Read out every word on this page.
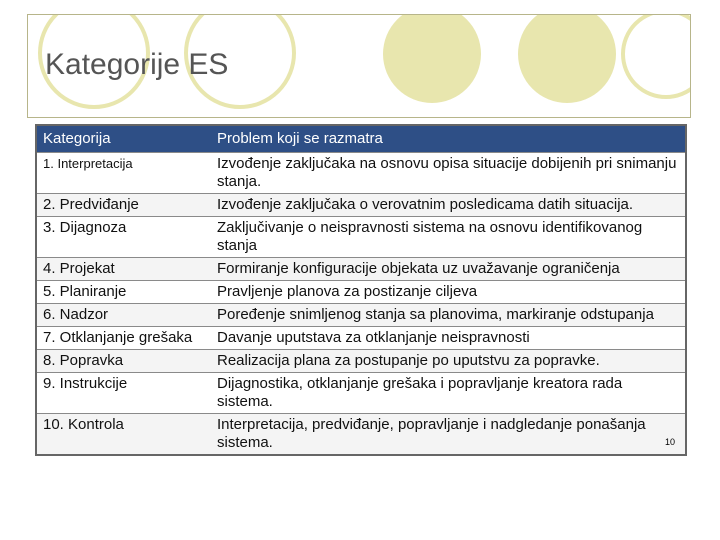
Kategorije ES
Kategorija	Problem koji se razmatra
1. Interpretacija	Izvođenje zaključaka na osnovu opisa situacije dobijenih pri snimanju stanja.
2. Predviđanje	Izvođenje zaključaka o verovatnim posledicama datih situacija.
3. Dijagnoza	Zaključivanje o neispravnosti sistema na osnovu identifikovanog stanja
4. Projekat	Formiranje konfiguracije objekata uz uvažavanje ograničenja
5. Planiranje	Pravljenje planova za postizanje ciljeva
6. Nadzor	Poređenje snimljenog stanja sa planovima, markiranje odstupanja
7. Otklanjanje grešaka	Davanje uputstava za otklanjanje neispravnosti
8. Popravka	Realizacija plana za postupanje po uputstvu za popravke.
9. Instrukcije	Dijagnostika, otklanjanje grešaka i popravljanje kreatora rada sistema.
10. Kontrola	Interpretacija, predviđanje, popravljanje i nadgledanje ponašanja sistema. 10
